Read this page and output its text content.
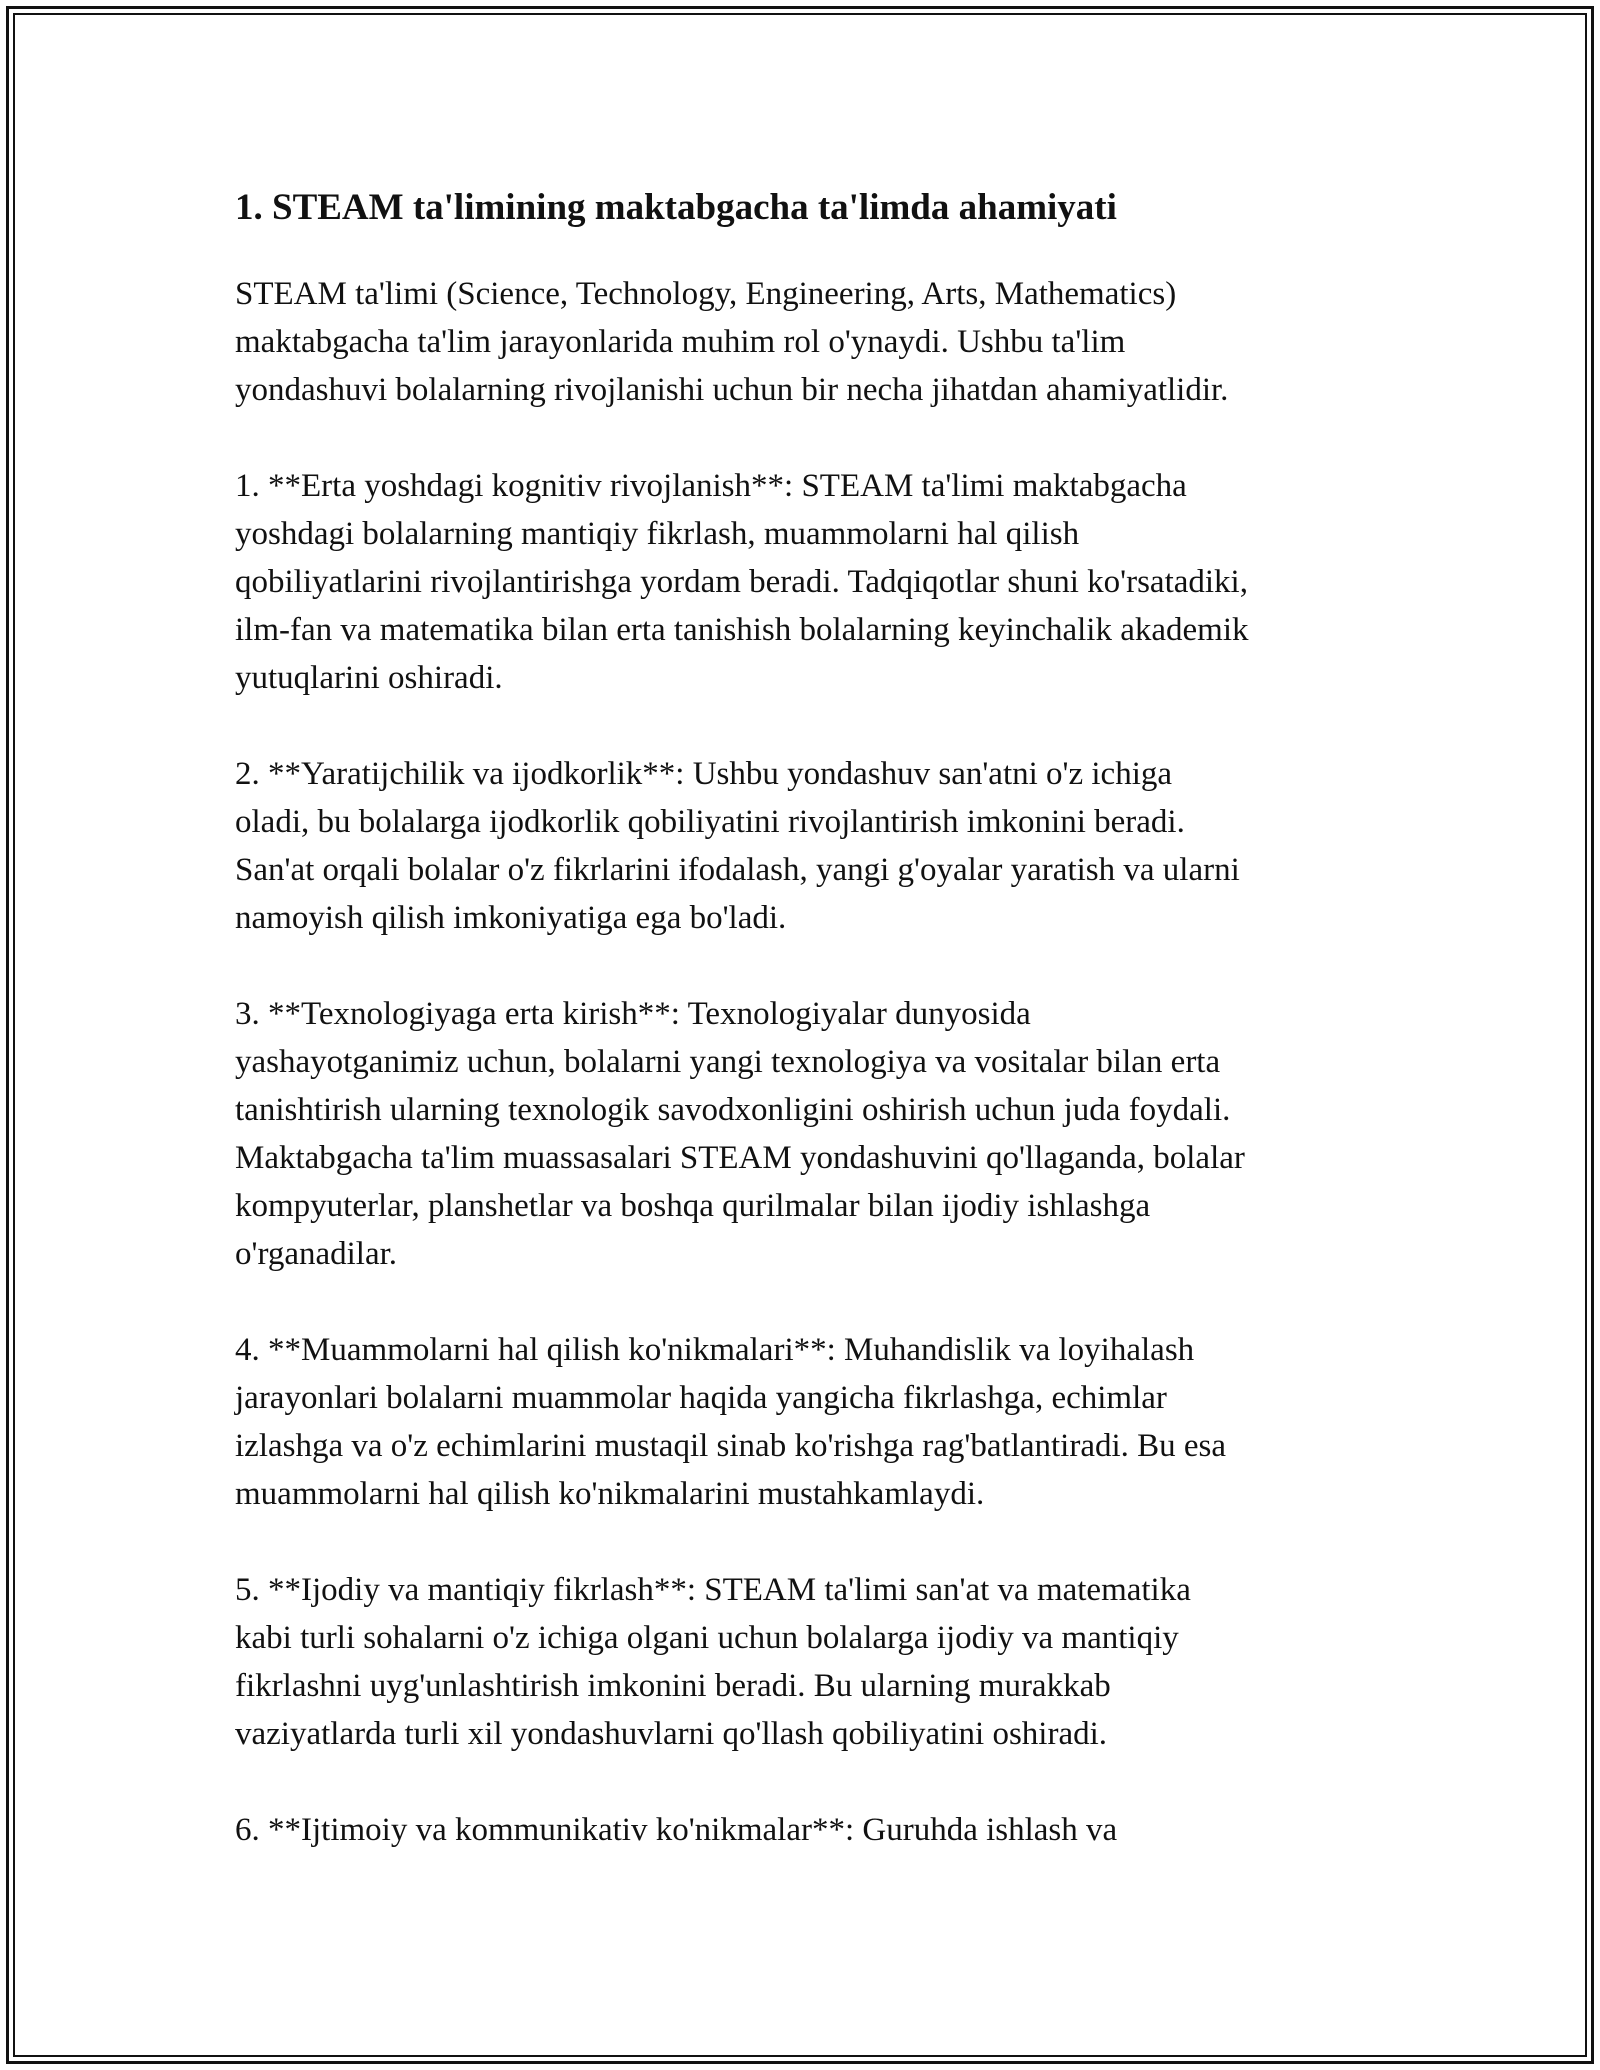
1. STEAM ta'limining maktabgacha ta'limda ahamiyati

STEAM ta'limi (Science, Technology, Engineering, Arts, Mathematics)
maktabgacha ta'lim jarayonlarida muhim rol o'ynaydi. Ushbu ta'lim
yondashuvi bolalarning rivojlanishi uchun bir necha jihatdan ahamiyatlidir.

1. **Erta yoshdagi kognitiv rivojlanish**: STEAM ta'limi maktabgacha
yoshdagi bolalarning mantiqiy fikrlash, muammolarni hal qilish
qobiliyatlarini rivojlantirishga yordam beradi. Tadqiqotlar shuni ko'rsatadiki,
ilm-fan va matematika bilan erta tanishish bolalarning keyinchalik akademik
yutuqlarini oshiradi.

2. **Yaratijchilik va ijodkorlik**: Ushbu yondashuv san'atni o'z ichiga
oladi, bu bolalarga ijodkorlik qobiliyatini rivojlantirish imkonini beradi.
San'at orqali bolalar o'z fikrlarini ifodalash, yangi g'oyalar yaratish va ularni
namoyish qilish imkoniyatiga ega bo'ladi.

3. **Texnologiyaga erta kirish**: Texnologiyalar dunyosida
yashayotganimiz uchun, bolalarni yangi texnologiya va vositalar bilan erta
tanishtirish ularning texnologik savodxonligini oshirish uchun juda foydali.
Maktabgacha ta'lim muassasalari STEAM yondashuvini qo'llaganda, bolalar
kompyuterlar, planshetlar va boshqa qurilmalar bilan ijodiy ishlashga
o'rganadilar.

4. **Muammolarni hal qilish ko'nikmalari**: Muhandislik va loyihalash
jarayonlari bolalarni muammolar haqida yangicha fikrlashga, echimlar
izlashga va o'z echimlarini mustaqil sinab ko'rishga rag'batlantiradi. Bu esa
muammolarni hal qilish ko'nikmalarini mustahkamlaydi.

5. **Ijodiy va mantiqiy fikrlash**: STEAM ta'limi san'at va matematika
kabi turli sohalarni o'z ichiga olgani uchun bolalarga ijodiy va mantiqiy
fikrlashni uyg'unlashtirish imkonini beradi. Bu ularning murakkab
vaziyatlarda turli xil yondashuvlarni qo'llash qobiliyatini oshiradi.

6. **Ijtimoiy va kommunikativ ko'nikmalar**: Guruhda ishlash va
